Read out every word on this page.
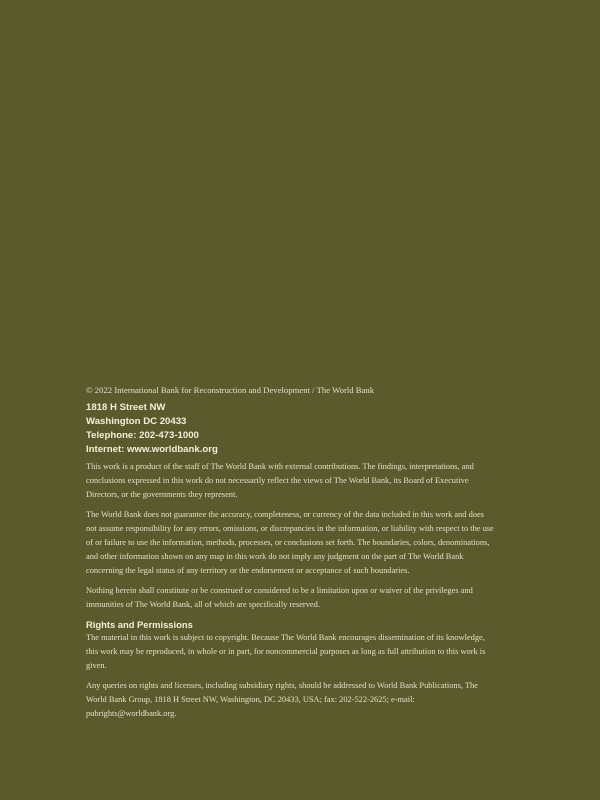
© 2022 International Bank for Reconstruction and Development / The World Bank

1818 H Street NW
Washington DC 20433
Telephone: 202-473-1000
Internet: www.worldbank.org

This work is a product of the staff of The World Bank with external contributions. The findings, interpretations, and conclusions expressed in this work do not necessarily reflect the views of The World Bank, its Board of Executive Directors, or the governments they represent.

The World Bank does not guarantee the accuracy, completeness, or currency of the data included in this work and does not assume responsibility for any errors, omissions, or discrepancies in the information, or liability with respect to the use of or failure to use the information, methods, processes, or conclusions set forth. The boundaries, colors, denominations, and other information shown on any map in this work do not imply any judgment on the part of The World Bank concerning the legal status of any territory or the endorsement or acceptance of such boundaries.

Nothing herein shall constitute or be construed or considered to be a limitation upon or waiver of the privileges and immunities of The World Bank, all of which are specifically reserved.

Rights and Permissions

The material in this work is subject to copyright. Because The World Bank encourages dissemination of its knowledge, this work may be reproduced, in whole or in part, for noncommercial purposes as long as full attribution to this work is given.

Any queries on rights and licenses, including subsidiary rights, should be addressed to World Bank Publications, The World Bank Group, 1818 H Street NW, Washington, DC 20433, USA; fax: 202-522-2625; e-mail: pubrights@worldbank.org.
